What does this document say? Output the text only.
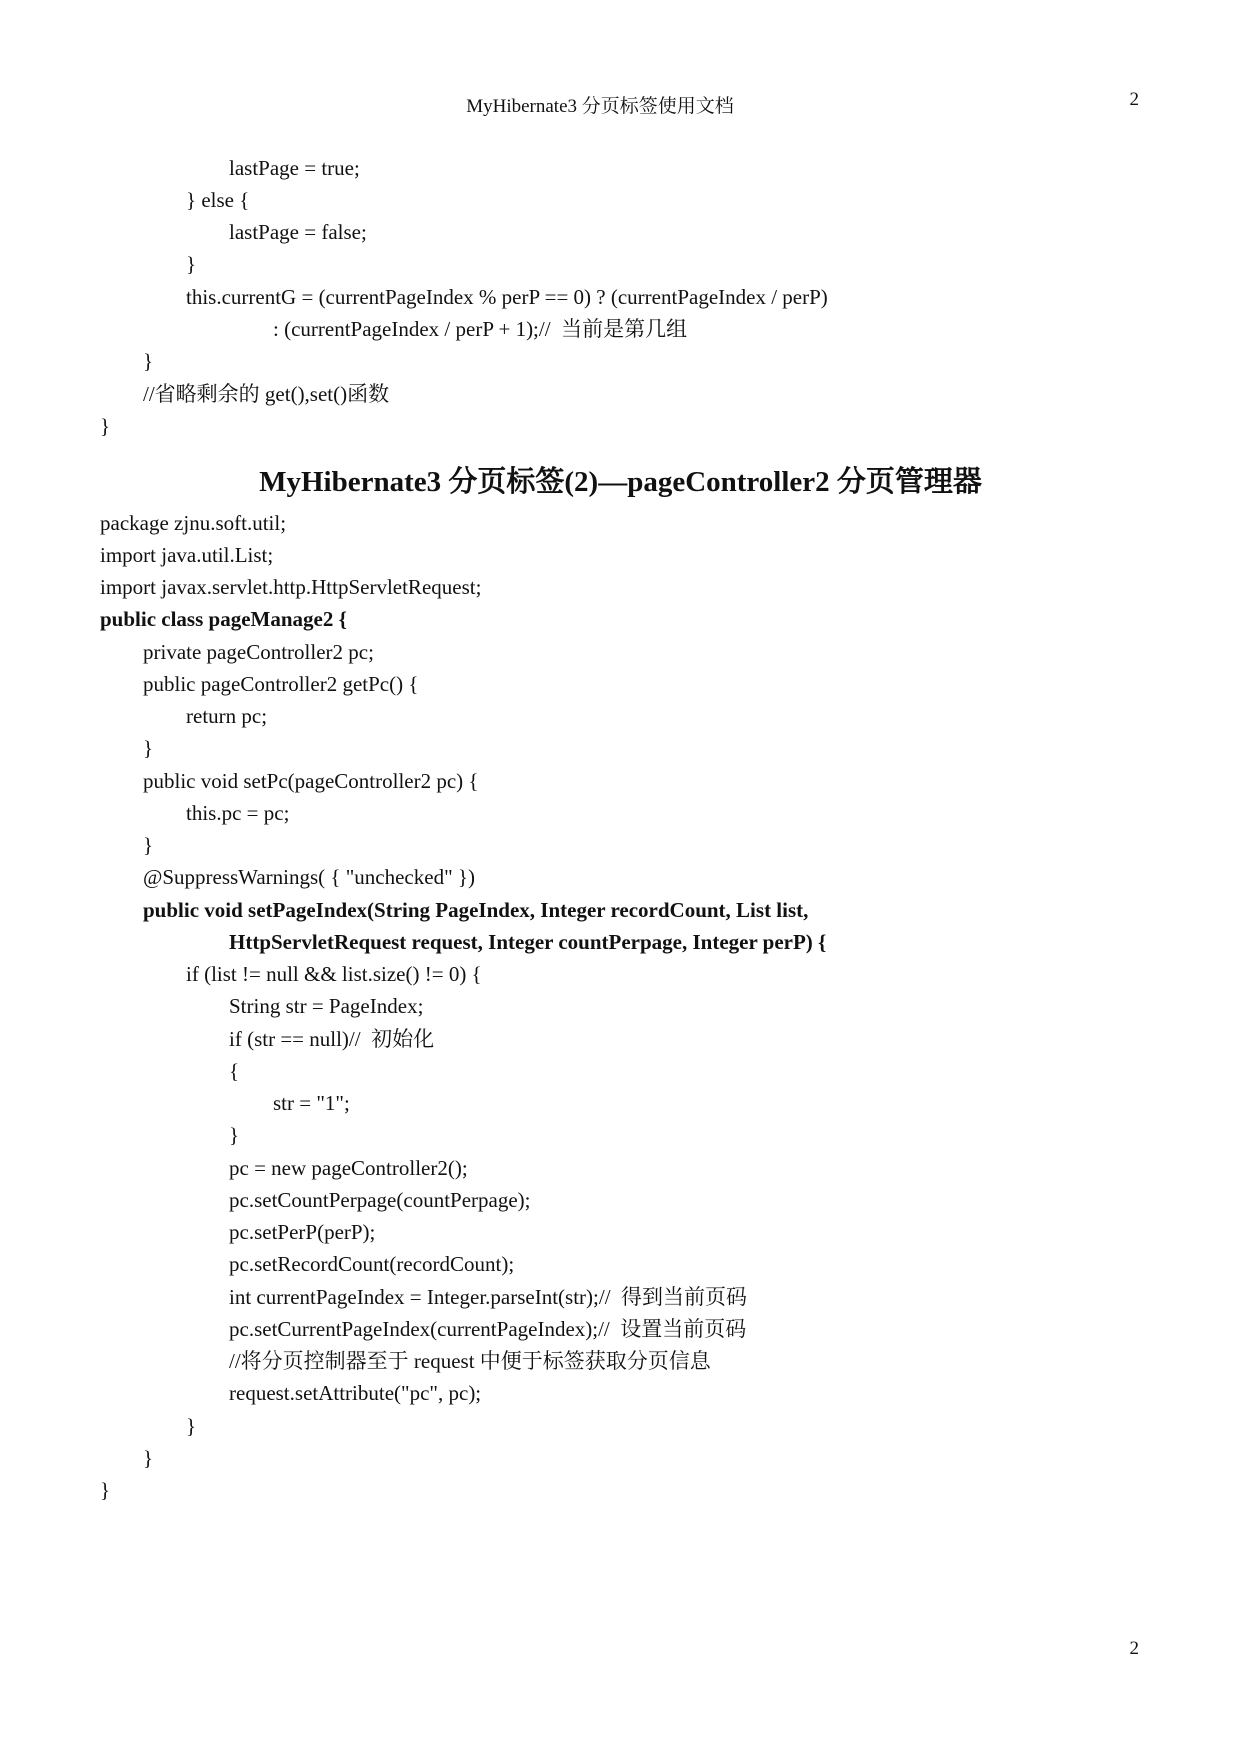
MyHibernate3 分页标签使用文档	2
lastPage = true;
} else {
lastPage = false;
}
this.currentG = (currentPageIndex % perP == 0) ? (currentPageIndex / perP)
: (currentPageIndex / perP + 1);//  当前是第几组
}
//省略剩余的 get(),set()函数
}
MyHibernate3 分页标签(2)—pageController2 分页管理器
package zjnu.soft.util;
import java.util.List;
import javax.servlet.http.HttpServletRequest;
public class pageManage2 {
private pageController2 pc;
public pageController2 getPc() {
return pc;
}
public void setPc(pageController2 pc) {
this.pc = pc;
}
@SuppressWarnings( { "unchecked" })
public void setPageIndex(String PageIndex, Integer recordCount, List list,
HttpServletRequest request, Integer countPerpage, Integer perP) {
if (list != null && list.size() != 0) {
String str = PageIndex;
if (str == null)//  初始化
{
str = "1";
}
pc = new pageController2();
pc.setCountPerpage(countPerpage);
pc.setPerP(perP);
pc.setRecordCount(recordCount);
int currentPageIndex = Integer.parseInt(str);//  得到当前页码
pc.setCurrentPageIndex(currentPageIndex);//  设置当前页码
//将分页控制器至于 request 中便于标签获取分页信息
request.setAttribute("pc", pc);
}
}
}
2
